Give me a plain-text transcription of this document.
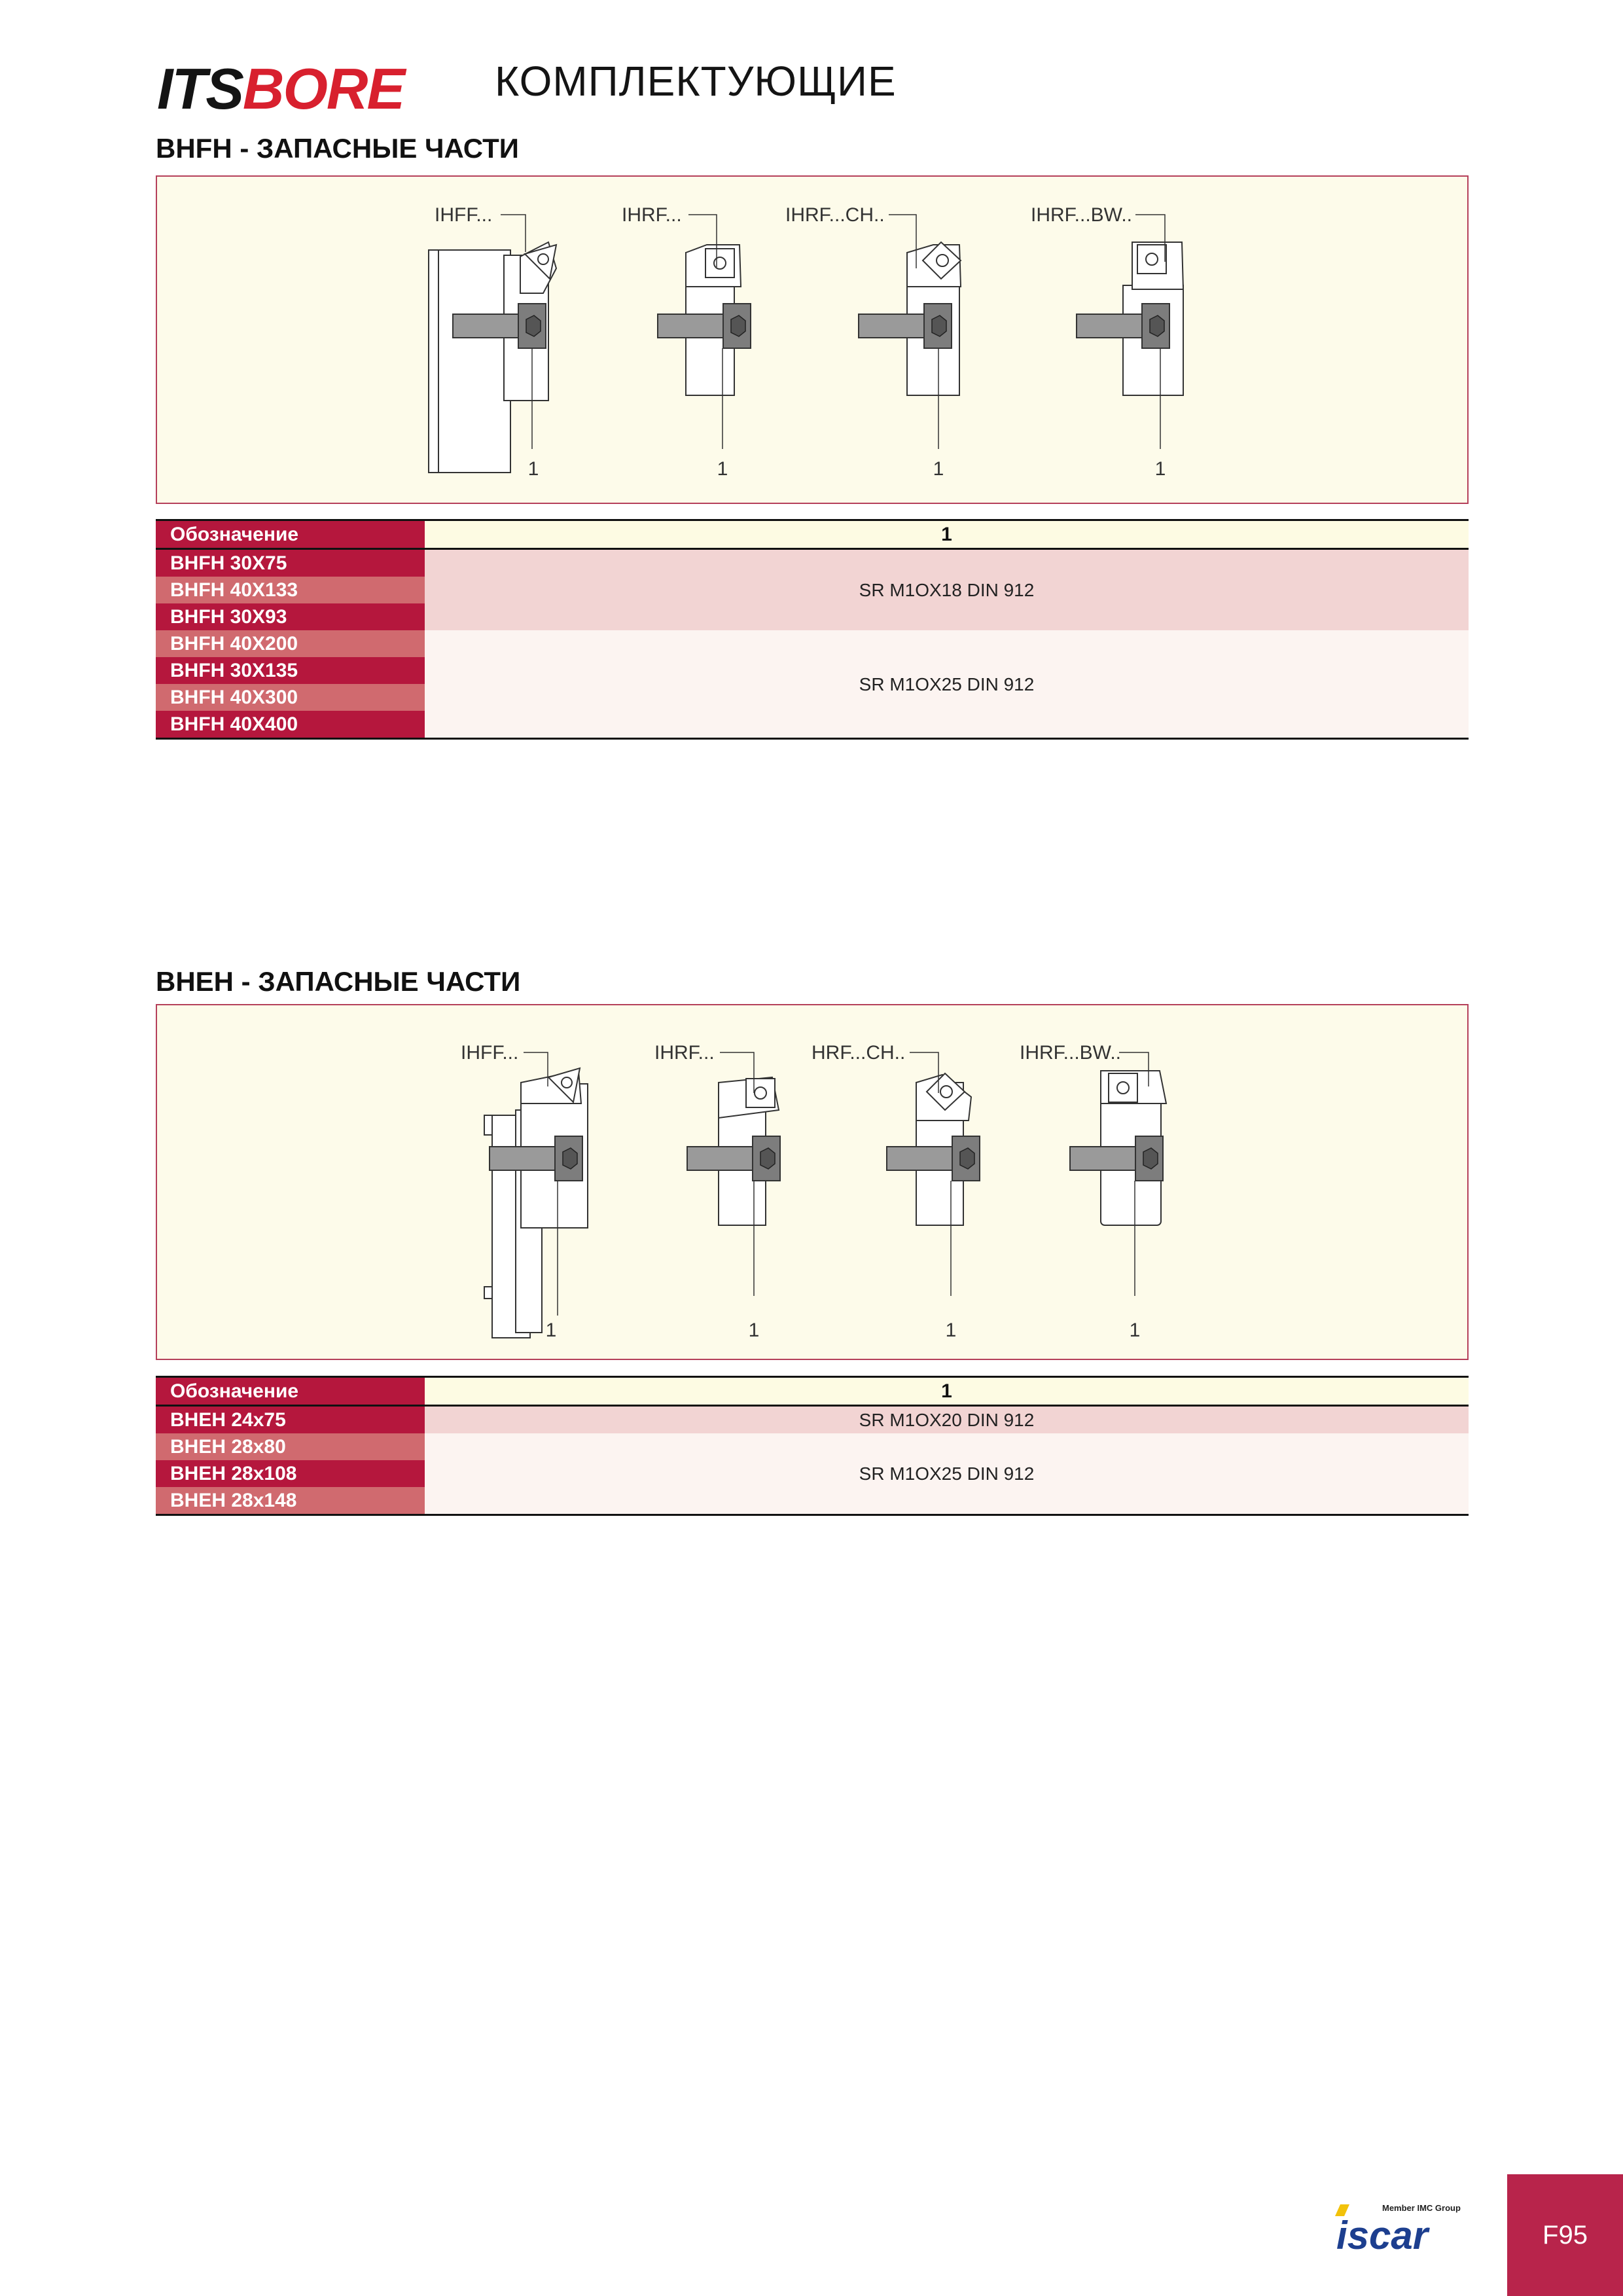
ITSBORE КОМПЛЕКТУЮЩИЕ
BHFH - ЗАПАСНЫЕ ЧАСТИ
IHFF...	IHRF...	IHRF...CH..	IHRF...BW..
1	1	1	1
Обозначение	1
BHFH 30X75	SR M1OX18 DIN 912
BHFH 40X133	
BHFH 30X93	
BHFH 40X200	SR M1OX25 DIN 912
BHFH 30X135	
BHFH 40X300	
BHFH 40X400	
BHEH - ЗАПАСНЫЕ ЧАСТИ
IHFF...	IHRF...	HRF...CH..	IHRF...BW..
1	1	1	1
Обозначение	1
BHEH 24x75	SR M1OX20 DIN 912
BHEH 28x80	SR M1OX25 DIN 912
BHEH 28x108	
BHEH 28x148	
Member IMC Group
iscar	F95
